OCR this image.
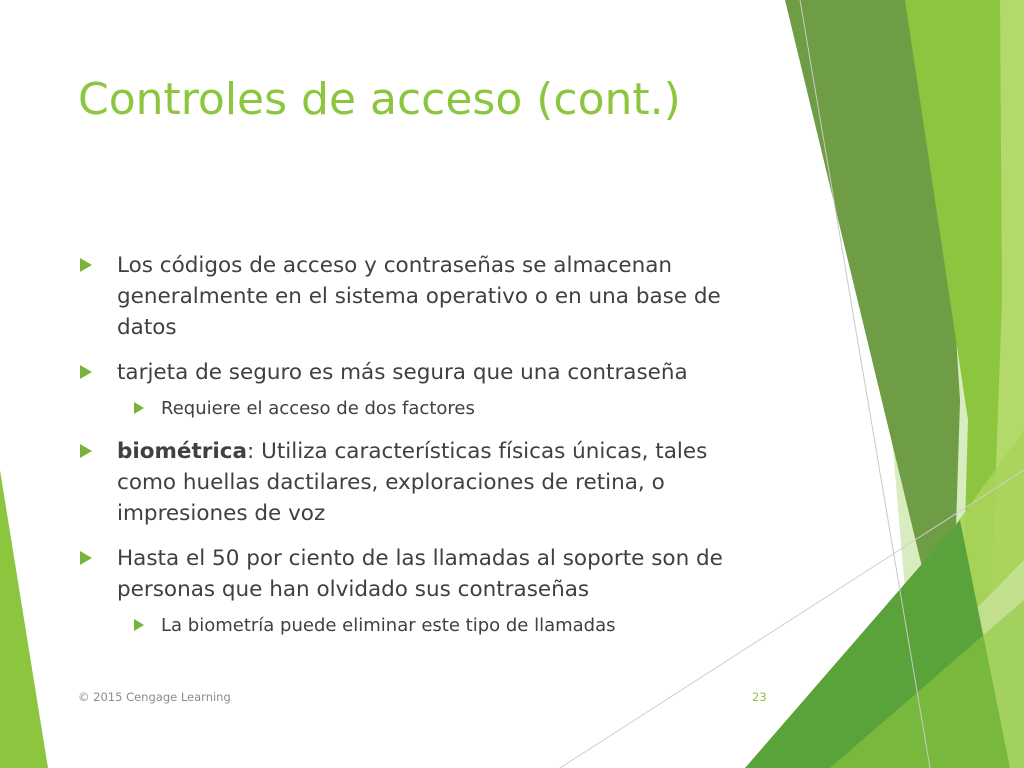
Controles de acceso (cont.)
Los códigos de acceso y contraseñas se almacenan generalmente en el sistema operativo o en una base de datos
tarjeta de seguro es más segura que una contraseña
Requiere el acceso de dos factores
biométrica: Utiliza características físicas únicas, tales como huellas dactilares, exploraciones de retina, o impresiones de voz
Hasta el 50 por ciento de las llamadas al soporte son de personas que han olvidado sus contraseñas
La biometría puede eliminar este tipo de llamadas
© 2015 Cengage Learning	23
